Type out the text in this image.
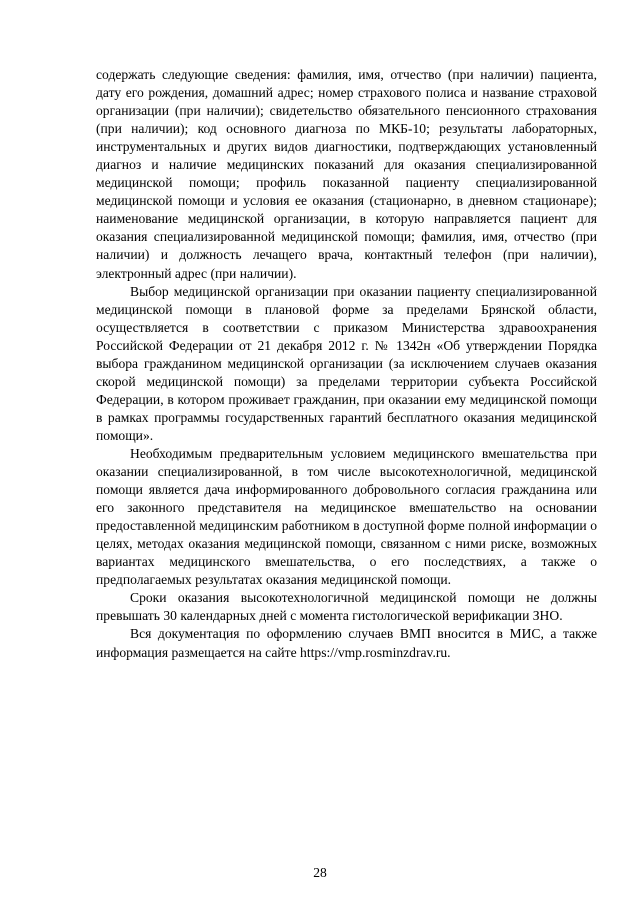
содержать следующие сведения: фамилия, имя, отчество (при наличии) пациента, дату его рождения, домашний адрес; номер страхового полиса и название страховой организации (при наличии); свидетельство обязательного пенсионного страхования (при наличии); код основного диагноза по МКБ-10; результаты лабораторных, инструментальных и других видов диагностики, подтверждающих установленный диагноз и наличие медицинских показаний для оказания специализированной медицинской помощи; профиль показанной пациенту специализированной медицинской помощи и условия ее оказания (стационарно, в дневном стационаре); наименование медицинской организации, в которую направляется пациент для оказания специализированной медицинской помощи; фамилия, имя, отчество (при наличии) и должность лечащего врача, контактный телефон (при наличии), электронный адрес (при наличии).

Выбор медицинской организации при оказании пациенту специализированной медицинской помощи в плановой форме за пределами Брянской области, осуществляется в соответствии с приказом Министерства здравоохранения Российской Федерации от 21 декабря 2012 г. № 1342н «Об утверждении Порядка выбора гражданином медицинской организации (за исключением случаев оказания скорой медицинской помощи) за пределами территории субъекта Российской Федерации, в котором проживает гражданин, при оказании ему медицинской помощи в рамках программы государственных гарантий бесплатного оказания медицинской помощи».

Необходимым предварительным условием медицинского вмешательства при оказании специализированной, в том числе высокотехнологичной, медицинской помощи является дача информированного добровольного согласия гражданина или его законного представителя на медицинское вмешательство на основании предоставленной медицинским работником в доступной форме полной информации о целях, методах оказания медицинской помощи, связанном с ними риске, возможных вариантах медицинского вмешательства, о его последствиях, а также о предполагаемых результатах оказания медицинской помощи.

Сроки оказания высокотехнологичной медицинской помощи не должны превышать 30 календарных дней с момента гистологической верификации ЗНО.

Вся документация по оформлению случаев ВМП вносится в МИС, а также информация размещается на сайте https://vmp.rosminzdrav.ru.

28
